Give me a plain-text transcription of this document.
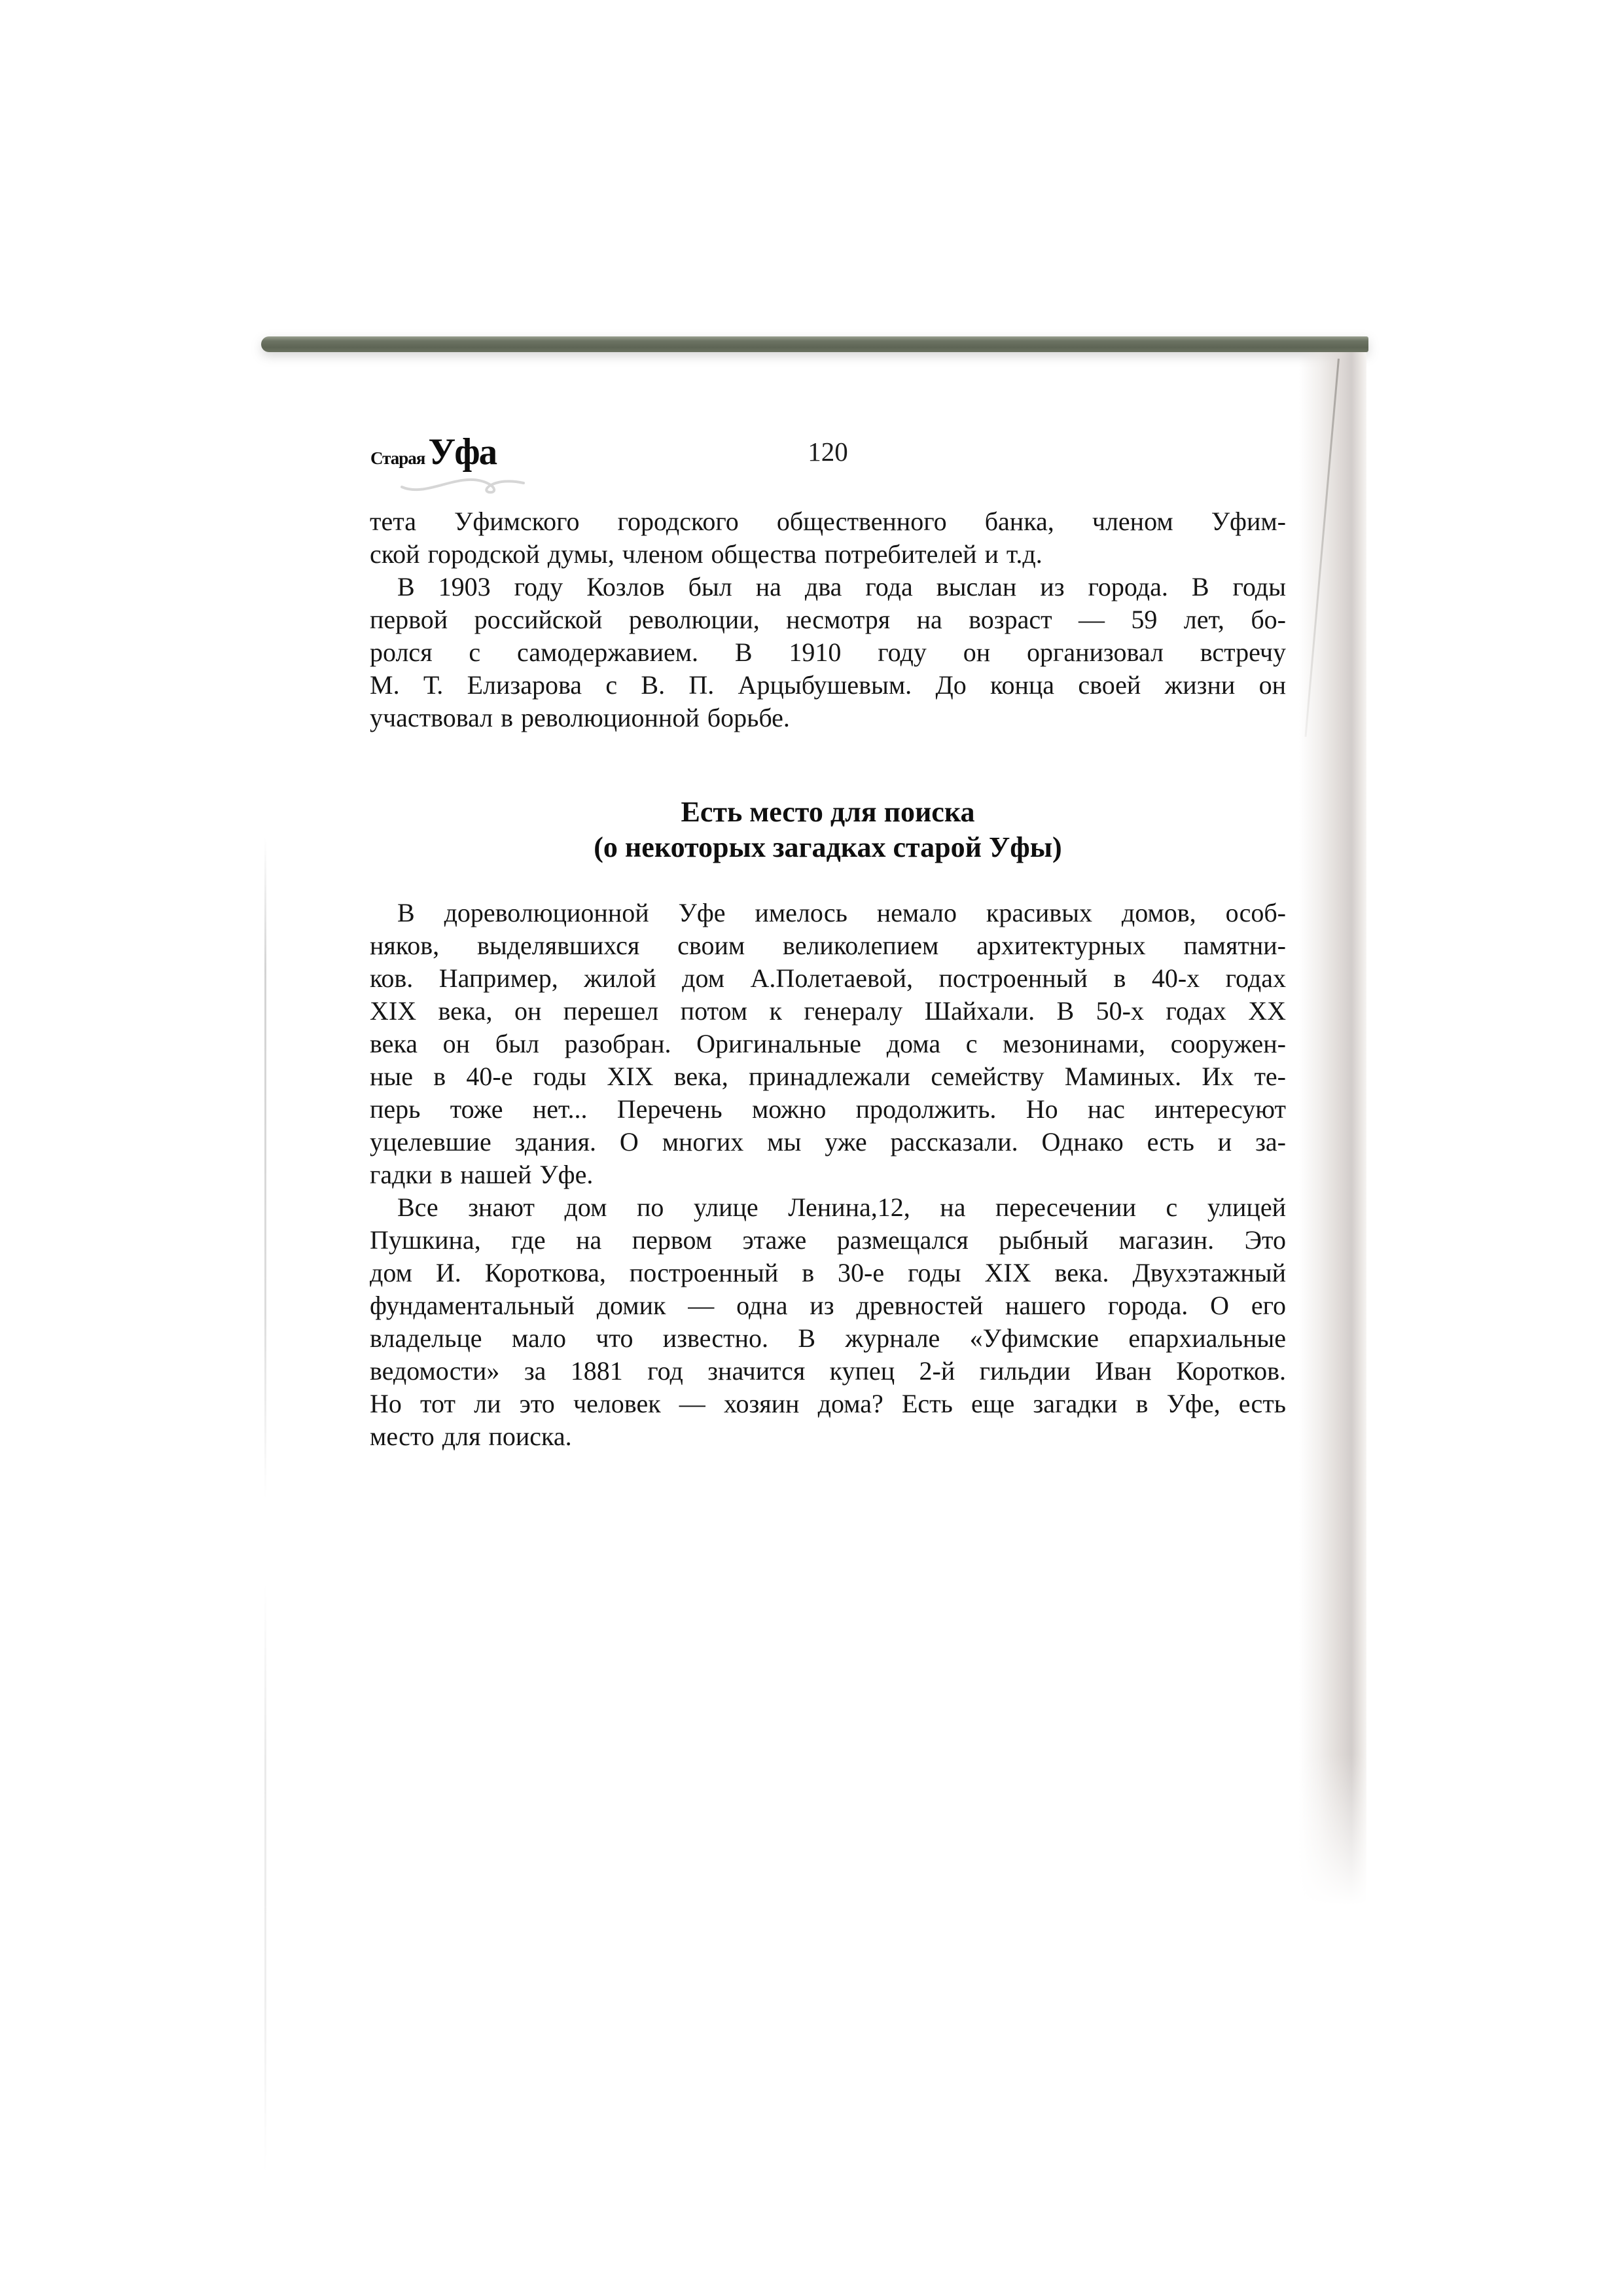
СтараяУфа	120
тета Уфимского городского общественного банка, членом Уфим-
ской городской думы, членом общества потребителей и т.д.
В 1903 году Козлов был на два года выслан из города. В годы
первой российской революции, несмотря на возраст — 59 лет, бо-
ролся с самодержавием. В 1910 году он организовал встречу
М. Т. Елизарова с В. П. Арцыбушевым. До конца своей жизни он
участвовал в революционной борьбе.
Есть место для поиска
(о некоторых загадках старой Уфы)
В дореволюционной Уфе имелось немало красивых домов, особ-
няков, выделявшихся своим великолепием архитектурных памятни-
ков. Например, жилой дом А.Полетаевой, построенный в 40-х годах
XIX века, он перешел потом к генералу Шайхали. В 50-х годах XX
века он был разобран. Оригинальные дома с мезонинами, сооружен-
ные в 40-е годы XIX века, принадлежали семейству Маминых. Их те-
перь тоже нет... Перечень можно продолжить. Но нас интересуют
уцелевшие здания. О многих мы уже рассказали. Однако есть и за-
гадки в нашей Уфе.
Все знают дом по улице Ленина,12, на пересечении с улицей
Пушкина, где на первом этаже размещался рыбный магазин. Это
дом И. Короткова, построенный в 30-е годы XIX века. Двухэтажный
фундаментальный домик — одна из древностей нашего города. О его
владельце мало что известно. В журнале «Уфимские епархиальные
ведомости» за 1881 год значится купец 2-й гильдии Иван Коротков.
Но тот ли это человек — хозяин дома? Есть еще загадки в Уфе, есть
место для поиска.
